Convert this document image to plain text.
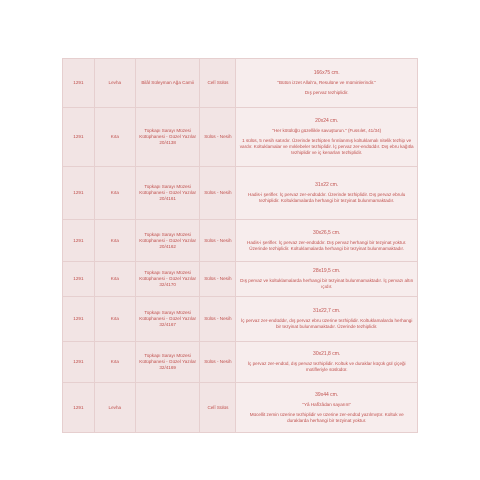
1291	Levha	Bilâl Süleyman Ağa Camii	Celî Sülüs	166x75 cm.
"Bütün izzet Allah'a, Resulüne ve müminlerindir."
Dış pervaz tezhiplidir.

1291	Kıta	Topkapı Sarayı Müzesi Kütüphanesi - Güzel Yazılar 20/4138	Sülüs - Nesih	20x24 cm.
"Her kötülüğü güzellikle savuşturun." (Fussılet, 41/34)
1 sülüs, 5 nesih satırdır. Üzerinde tezhipten fırınlanmış koltuklamalı nitelik tezhip ve vardır. Koltuklamalar ve mıklebeler tezhiplidir. İç pervaz zer-endüddır. Dış ebru kağıtla tezhiplidir ve iç kenarları tezhiplidir.

1291	Kıta	Topkapı Sarayı Müzesi Kütüphanesi - Güzel Yazılar 20/4161	Sülüs - Nesih	31x22 cm.
Hadis-i şerifler. İç pervaz zer-endüddır. Üzerinde tezhiplidir. Dış pervaz ebrulu tezhiplidir. Koltuklamalarda herhangi bir tezyinat bulunmamaktadır.

1291	Kıta	Topkapı Sarayı Müzesi Kütüphanesi - Güzel Yazılar 20/4162	Sülüs - Nesih	30x26,5 cm.
Hadis-i şerifler. İç pervaz zer-endüddır. Dış pervaz herhangi bir tezyinat yoktur. Üzerinde tezhiplidir. Koltuklamalarda herhangi bir tezyinat bulunmamaktadır.

1291	Kıta	Topkapı Sarayı Müzesi Kütüphanesi - Güzel Yazılar 32/4170	Sülüs - Nesih	28x19,5 cm.
Dış pervaz ve koltuklamalarda herhangi bir tezyinat bulunmamaktadır. İç pervazı altın ıçıdır.

1291	Kıta	Topkapı Sarayı Müzesi Kütüphanesi - Güzel Yazılar 32/4167	Sülüs - Nesih	31x22,7 cm.
İç pervaz zer-endüddır, dış pervaz ebru üzerine tezhiplidir. Koltuklamalarda herhangi bir tezyinat bulunmamaktadır. Üzerinde tezhiplidir.

1291	Kıta	Topkapı Sarayı Müzesi Kütüphanesi - Güzel Yazılar 32/4169	Sülüs - Nesih	30x21,8 cm.
İç pervaz zer-endüd, dış pervaz tezhiplidir. Koltuk ve duraklar küçük gül çiçeği motifleriyle süslüdür.

1291	Levha		Celî Sülüs	39x44 cm.
"Yâ Hafîzâdan sayarım"
Mücellit zemin üzerine tezhiplidir ve üzerine zer-endüd yazılmıştır. Koltuk ve duraklarda herhangi bir tezyinat yoktur.
